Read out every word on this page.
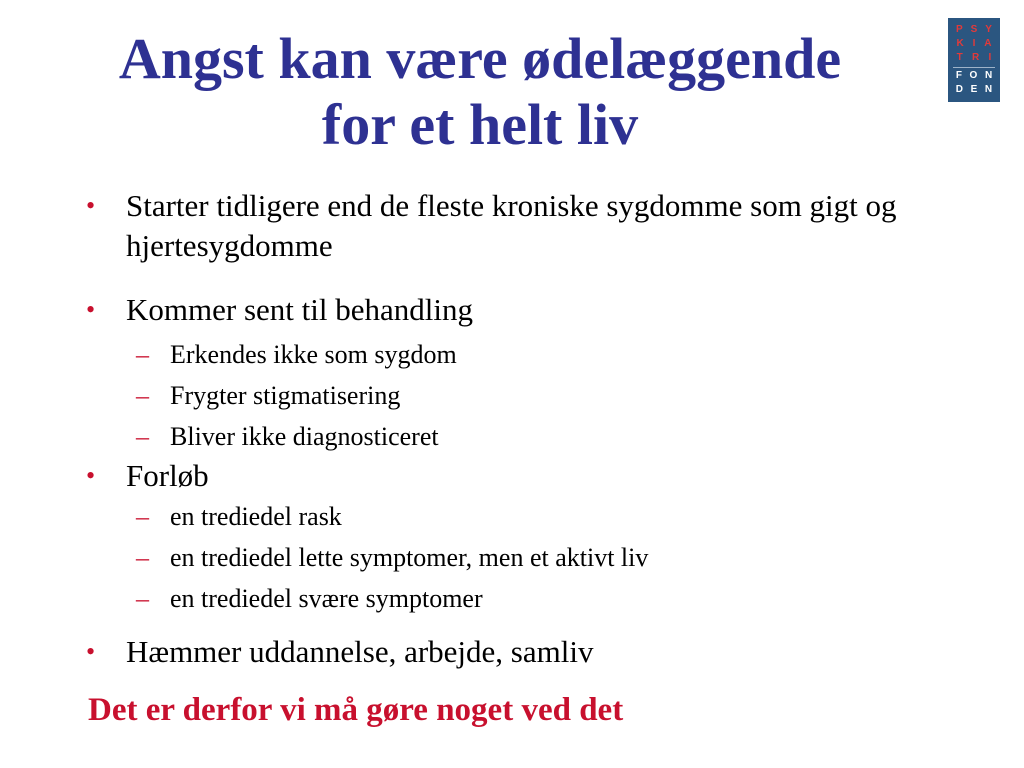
Angst kan være ødelæggende
for et helt liv
P S Y
K I A
T R I
F O N
D E N
• Starter tidligere end de fleste kroniske sygdomme som gigt og hjertesygdomme
• Kommer sent til behandling
– Erkendes ikke som sygdom
– Frygter stigmatisering
– Bliver ikke diagnosticeret
• Forløb
– en trediedel rask
– en trediedel lette symptomer, men et aktivt liv
– en trediedel svære symptomer
• Hæmmer uddannelse, arbejde, samliv
Det er derfor vi må gøre noget ved det
